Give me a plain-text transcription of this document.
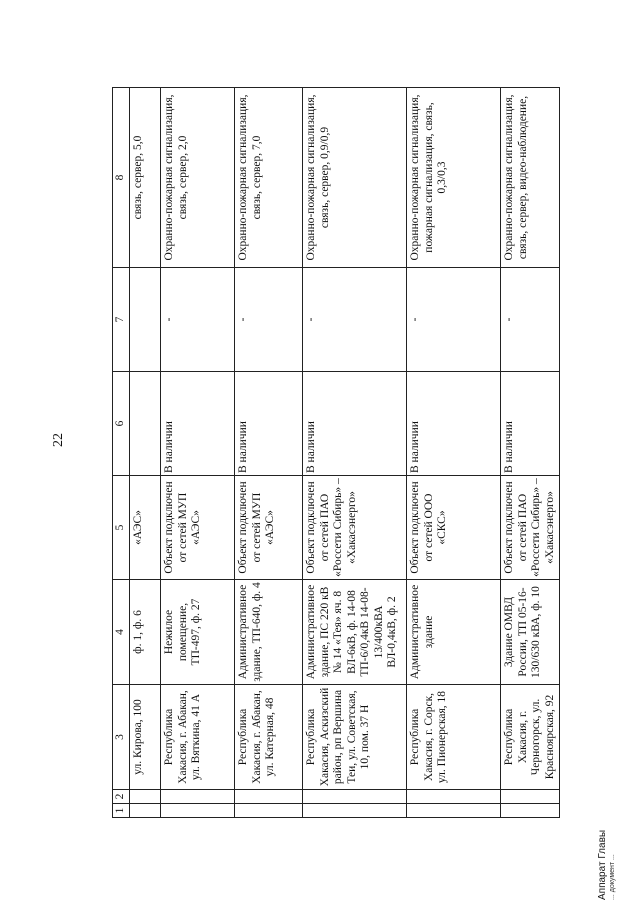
22
1	2	3	4	5	6	7	8
		ул. Кирова, 100	ф. 1, ф. 6	«АЭС»			связь, сервер, 5,0
		Республика Хакасия, г. Абакан, ул. Вяткина, 41 А	Нежилое помещение, ТП-497, ф. 27	Объект подключен от сетей МУП «АЭС»	В наличии	-	Охранно-пожарная сигнализация, связь, сервер, 2,0
		Республика Хакасия, г. Абакан, ул. Катерная, 48	Административное здание, ТП-640, ф. 4	Объект подключен от сетей МУП «АЭС»	В наличии	-	Охранно-пожарная сигнализация, связь, сервер, 7,0
		Республика Хакасия, Аскизский район, рп Вершина Теи, ул. Советская, 10, пом. 37 Н	Административное здание, ПС 220 кВ № 14 «Тея» яч. 8 ВЛ-6кВ, ф. 14-08 ТП-6/0,4кВ 14-08-13/400кВА ВЛ-0,4кВ, ф. 2	Объект подключен от сетей ПАО «Россети Сибирь» – «Хакасэнерго»	В наличии	-	Охранно-пожарная сигнализация, связь, сервер, 0,9/0,9
		Республика Хакасия, г. Сорск, ул. Пионерская, 18	Административное здание	Объект подключен от сетей ООО «СКС»	В наличии	-	Охранно-пожарная сигнализация, пожарная сигнализация, связь, 0,3/0,3
		Республика Хакасия, г. Черногорск, ул. Красноярская, 92	Здание ОМВД России, ТП 05-16-130/630 кВА, ф. 10	Объект подключен от сетей ПАО «Россети Сибирь» – «Хакасэнерго»	В наличии	-	Охранно-пожарная сигнализация, связь, сервер, видео-наблюдение,
Аппарат Главы ... документ ...
